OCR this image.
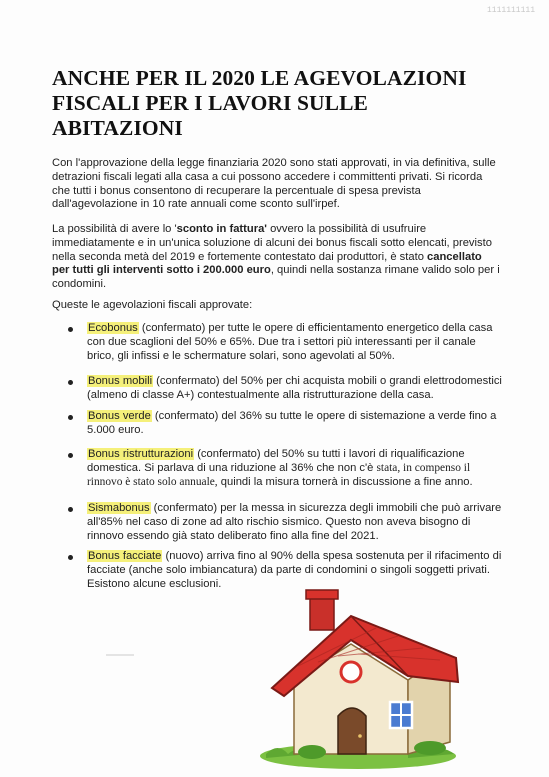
1111111111
ANCHE PER IL 2020 LE AGEVOLAZIONI
FISCALI PER I LAVORI SULLE
ABITAZIONI

Con l'approvazione della legge finanziaria 2020 sono stati approvati, in via definitiva, sulle
detrazioni fiscali legati alla casa a cui possono accedere i committenti privati. Si ricorda
che tutti i bonus consentono di recuperare la percentuale di spesa prevista
dall'agevolazione in 10 rate annuali come sconto sull'irpef.

La possibilità di avere lo 'sconto in fattura' ovvero la possibilità di usufruire
immediatamente e in un'unica soluzione di alcuni dei bonus fiscali sotto elencati, previsto
nella seconda metà del 2019 e fortemente contestato dai produttori, è stato cancellato
per tutti gli interventi sotto i 200.000 euro, quindi nella sostanza rimane valido solo per i
condomini.

Queste le agevolazioni fiscali approvate:

Ecobonus (confermato) per tutte le opere di efficientamento energetico della casa
con due scaglioni del 50% e 65%. Due tra i settori più interessanti per il canale
brico, gli infissi e le schermature solari, sono agevolati al 50%.
Bonus mobili (confermato) del 50% per chi acquista mobili o grandi elettrodomestici
(almeno di classe A+) contestualmente alla ristrutturazione della casa.
Bonus verde (confermato) del 36% su tutte le opere di sistemazione a verde fino a
5.000 euro.
Bonus ristrutturazioni (confermato) del 50% su tutti i lavori di riqualificazione
domestica. Si parlava di una riduzione al 36% che non c'è stata, in compenso il
rinnovo è stato solo annuale, quindi la misura tornerà in discussione a fine anno.
Sismabonus (confermato) per la messa in sicurezza degli immobili che può arrivare
all'85% nel caso di zone ad alto rischio sismico. Questo non aveva bisogno di
rinnovo essendo già stato deliberato fino alla fine del 2021.
Bonus facciate (nuovo) arriva fino al 90% della spesa sostenuta per il rifacimento di
facciate (anche solo imbiancatura) da parte di condomini o singoli soggetti privati.
Esistono alcune esclusioni.
